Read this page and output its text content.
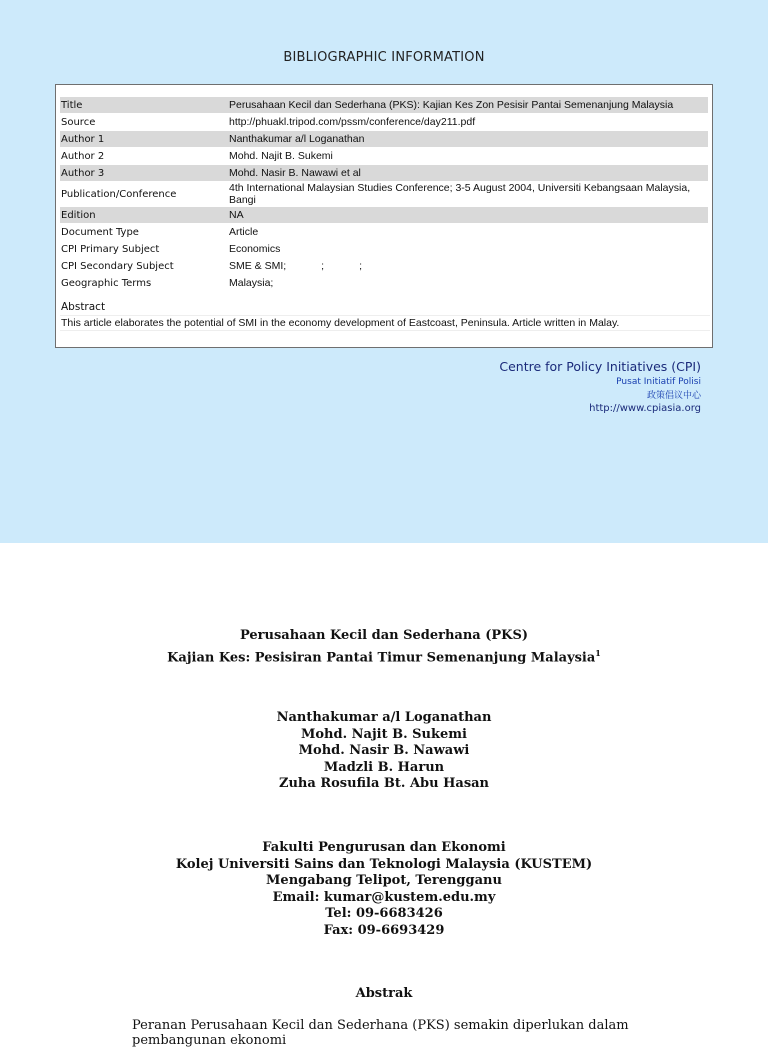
BIBLIOGRAPHIC INFORMATION
Title	Perusahaan Kecil dan Sederhana (PKS): Kajian Kes Zon Pesisir Pantai Semenanjung Malaysia
Source	http://phuakl.tripod.com/pssm/conference/day211.pdf
Author 1	Nanthakumar a/l Loganathan
Author 2	Mohd. Najit B. Sukemi
Author 3	Mohd. Nasir B. Nawawi et al
Publication/Conference	4th International Malaysian Studies Conference; 3-5 August 2004, Universiti Kebangsaan Malaysia, Bangi
Edition	NA
Document Type	Article
CPI Primary Subject	Economics
CPI Secondary Subject	SME & SMI;            ;            ;
Geographic Terms	Malaysia;
Abstract
This article elaborates the potential of SMI in the economy development of Eastcoast, Peninsula. Article written in Malay.
Centre for Policy Initiatives (CPI)
Pusat Initiatif Polisi
政策倡议中心
http://www.cpiasia.org
Perusahaan Kecil dan Sederhana (PKS)
Kajian Kes: Pesisiran Pantai Timur Semenanjung Malaysia$^1$
Nanthakumar a/l Loganathan
Mohd. Najit B. Sukemi
Mohd. Nasir B. Nawawi
Madzli B. Harun
Zuha Rosufila Bt. Abu Hasan
Fakulti Pengurusan dan Ekonomi
Kolej Universiti Sains dan Teknologi Malaysia (KUSTEM)
Mengabang Telipot, Terengganu
Email: kumar@kustem.edu.my
Tel: 09-6683426
Fax: 09-6693429
Abstrak
Peranan Perusahaan Kecil dan Sederhana (PKS) semakin diperlukan dalam pembangunan ekonomi
